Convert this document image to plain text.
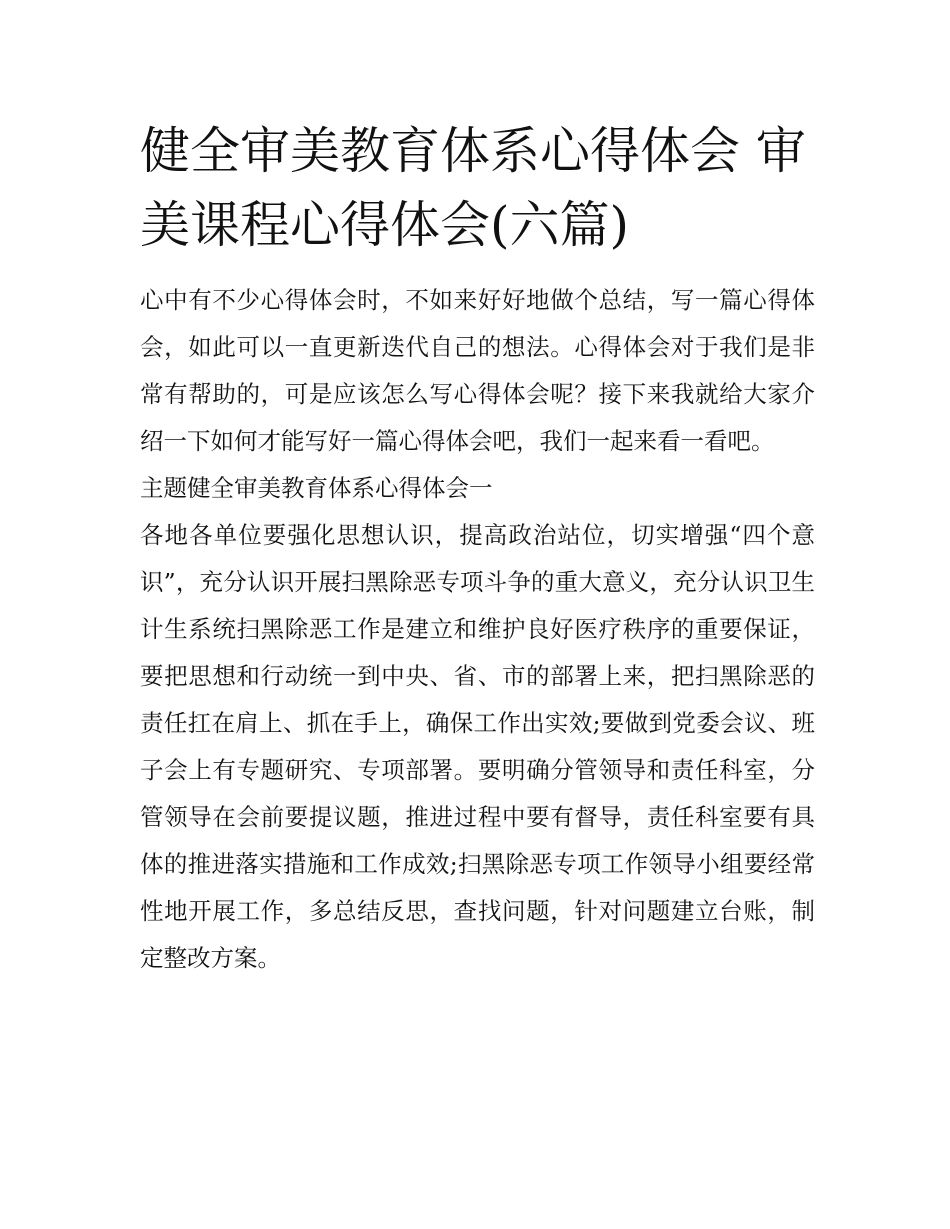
健全审美教育体系心得体会 审美课程心得体会(六篇)

心中有不少心得体会时，不如来好好地做个总结，写一篇心得体会，如此可以一直更新迭代自己的想法。心得体会对于我们是非常有帮助的，可是应该怎么写心得体会呢？接下来我就给大家介绍一下如何才能写好一篇心得体会吧，我们一起来看一看吧。

主题健全审美教育体系心得体会一

各地各单位要强化思想认识，提高政治站位，切实增强“四个意识”，充分认识开展扫黑除恶专项斗争的重大意义，充分认识卫生计生系统扫黑除恶工作是建立和维护良好医疗秩序的重要保证，要把思想和行动统一到中央、省、市的部署上来，把扫黑除恶的责任扛在肩上、抓在手上，确保工作出实效;要做到党委会议、班子会上有专题研究、专项部署。要明确分管领导和责任科室，分管领导在会前要提议题，推进过程中要有督导，责任科室要有具体的推进落实措施和工作成效;扫黑除恶专项工作领导小组要经常性地开展工作，多总结反思，查找问题，针对问题建立台账，制定整改方案。
